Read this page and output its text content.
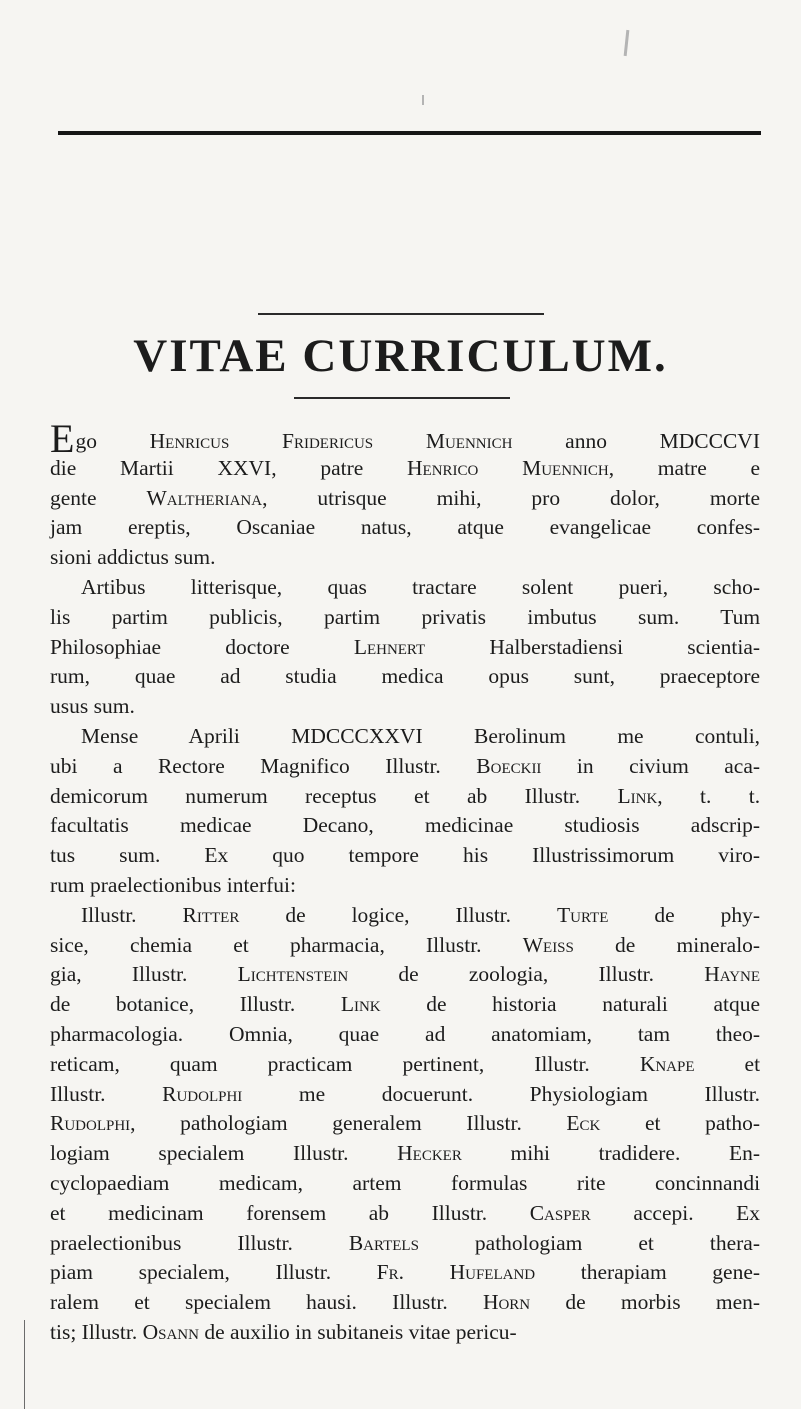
VITAE CURRICULUM.
Ego Henricus Fridericus Muennich anno MDCCCVI
die Martii XXVI, patre Henrico Muennich, matre e
gente Waltheriana, utrisque mihi, pro dolor, morte
jam ereptis, Oscaniae natus, atque evangelicae confes-
sioni addictus sum.
Artibus litterisque, quas tractare solent pueri, scho-
lis partim publicis, partim privatis imbutus sum. Tum
Philosophiae	doctore	Lehnert	Halberstadiensi	scientia-
rum, quae ad studia medica opus sunt, praeceptore
usus sum.
Mense Aprili MDCCCXXVI Berolinum me contuli,
ubi a Rectore Magnifico Illustr. Boeckii in civium aca-
demicorum numerum receptus et ab Illustr. Link, t. t.
facultatis medicae Decano, medicinae studiosis adscrip-
tus sum. Ex quo tempore his Illustrissimorum viro-
rum praelectionibus interfui:
Illustr. Ritter de logice, Illustr. Turte de phy-
sice, chemia et pharmacia, Illustr. Weiss de mineralo-
gia, Illustr. Lichtenstein de zoologia, Illustr. Hayne
de botanice, Illustr. Link de historia naturali atque
pharmacologia. Omnia, quae ad anatomiam, tam theo-
reticam, quam practicam pertinent, Illustr. Knape et
Illustr.	Rudolphi	me	docuerunt.	Physiologiam	Illustr.
Rudolphi, pathologiam generalem Illustr. Eck et patho-
logiam specialem Illustr. Hecker mihi tradidere. En-
cyclopaediam medicam, artem formulas rite concinnandi
et medicinam forensem ab Illustr. Casper accepi. Ex
praelectionibus	Illustr.	Bartels	pathologiam	et	thera-
piam specialem, Illustr. Fr. Hufeland therapiam gene-
ralem et specialem hausi. Illustr. Horn de morbis men-
tis; Illustr. Osann de auxilio in subitaneis vitae pericu-
